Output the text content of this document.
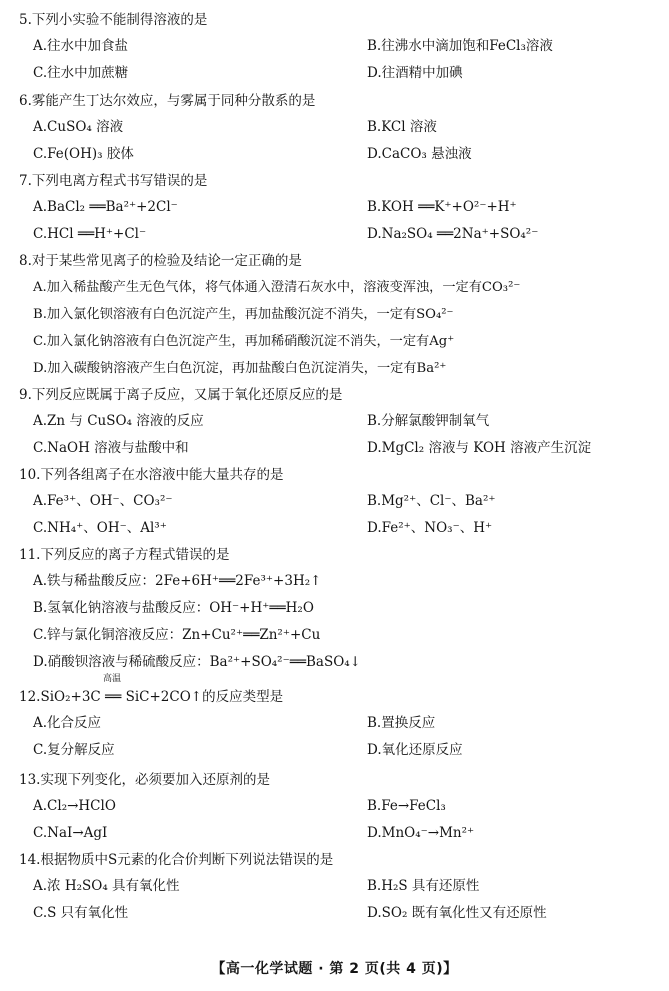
5.下列小实验不能制得溶液的是
A.往水中加食盐	B.往沸水中滴加饱和FeCl₃溶液
C.往水中加蔗糖	D.往酒精中加碘
6.雾能产生丁达尔效应，与雾属于同种分散系的是
A.CuSO₄ 溶液	B.KCl 溶液
C.Fe(OH)₃ 胶体	D.CaCO₃ 悬浊液
7.下列电离方程式书写错误的是
A.BaCl₂ ══Ba²⁺+2Cl⁻	B.KOH ══K⁺+O²⁻+H⁺
C.HCl ══H⁺+Cl⁻	D.Na₂SO₄ ══2Na⁺+SO₄²⁻
8.对于某些常见离子的检验及结论一定正确的是
A.加入稀盐酸产生无色气体，将气体通入澄清石灰水中，溶液变浑浊，一定有CO₃²⁻
B.加入氯化钡溶液有白色沉淀产生，再加盐酸沉淀不消失，一定有SO₄²⁻
C.加入氯化钠溶液有白色沉淀产生，再加稀硝酸沉淀不消失，一定有Ag⁺
D.加入碳酸钠溶液产生白色沉淀，再加盐酸白色沉淀消失，一定有Ba²⁺
9.下列反应既属于离子反应，又属于氧化还原反应的是
A.Zn 与 CuSO₄ 溶液的反应	B.分解氯酸钾制氧气
C.NaOH 溶液与盐酸中和	D.MgCl₂ 溶液与 KOH 溶液产生沉淀
10.下列各组离子在水溶液中能大量共存的是
A.Fe³⁺、OH⁻、CO₃²⁻	B.Mg²⁺、Cl⁻、Ba²⁺
C.NH₄⁺、OH⁻、Al³⁺	D.Fe²⁺、NO₃⁻、H⁺
11.下列反应的离子方程式错误的是
A.铁与稀盐酸反应：2Fe+6H⁺══2Fe³⁺+3H₂↑
B.氢氧化钠溶液与盐酸反应：OH⁻+H⁺══H₂O
C.锌与氯化铜溶液反应：Zn+Cu²⁺══Zn²⁺+Cu
D.硝酸钡溶液与稀硫酸反应：Ba²⁺+SO₄²⁻══BaSO₄↓
高温
12.SiO₂+3C ══ SiC+2CO↑的反应类型是
A.化合反应	B.置换反应
C.复分解反应	D.氧化还原反应
13.实现下列变化，必须要加入还原剂的是
A.Cl₂→HClO	B.Fe→FeCl₃
C.NaI→AgI	D.MnO₄⁻→Mn²⁺
14.根据物质中S元素的化合价判断下列说法错误的是
A.浓 H₂SO₄ 具有氧化性	B.H₂S 具有还原性
C.S 只有氧化性	D.SO₂ 既有氧化性又有还原性
【高一化学试题 · 第 2 页(共 4 页)】
